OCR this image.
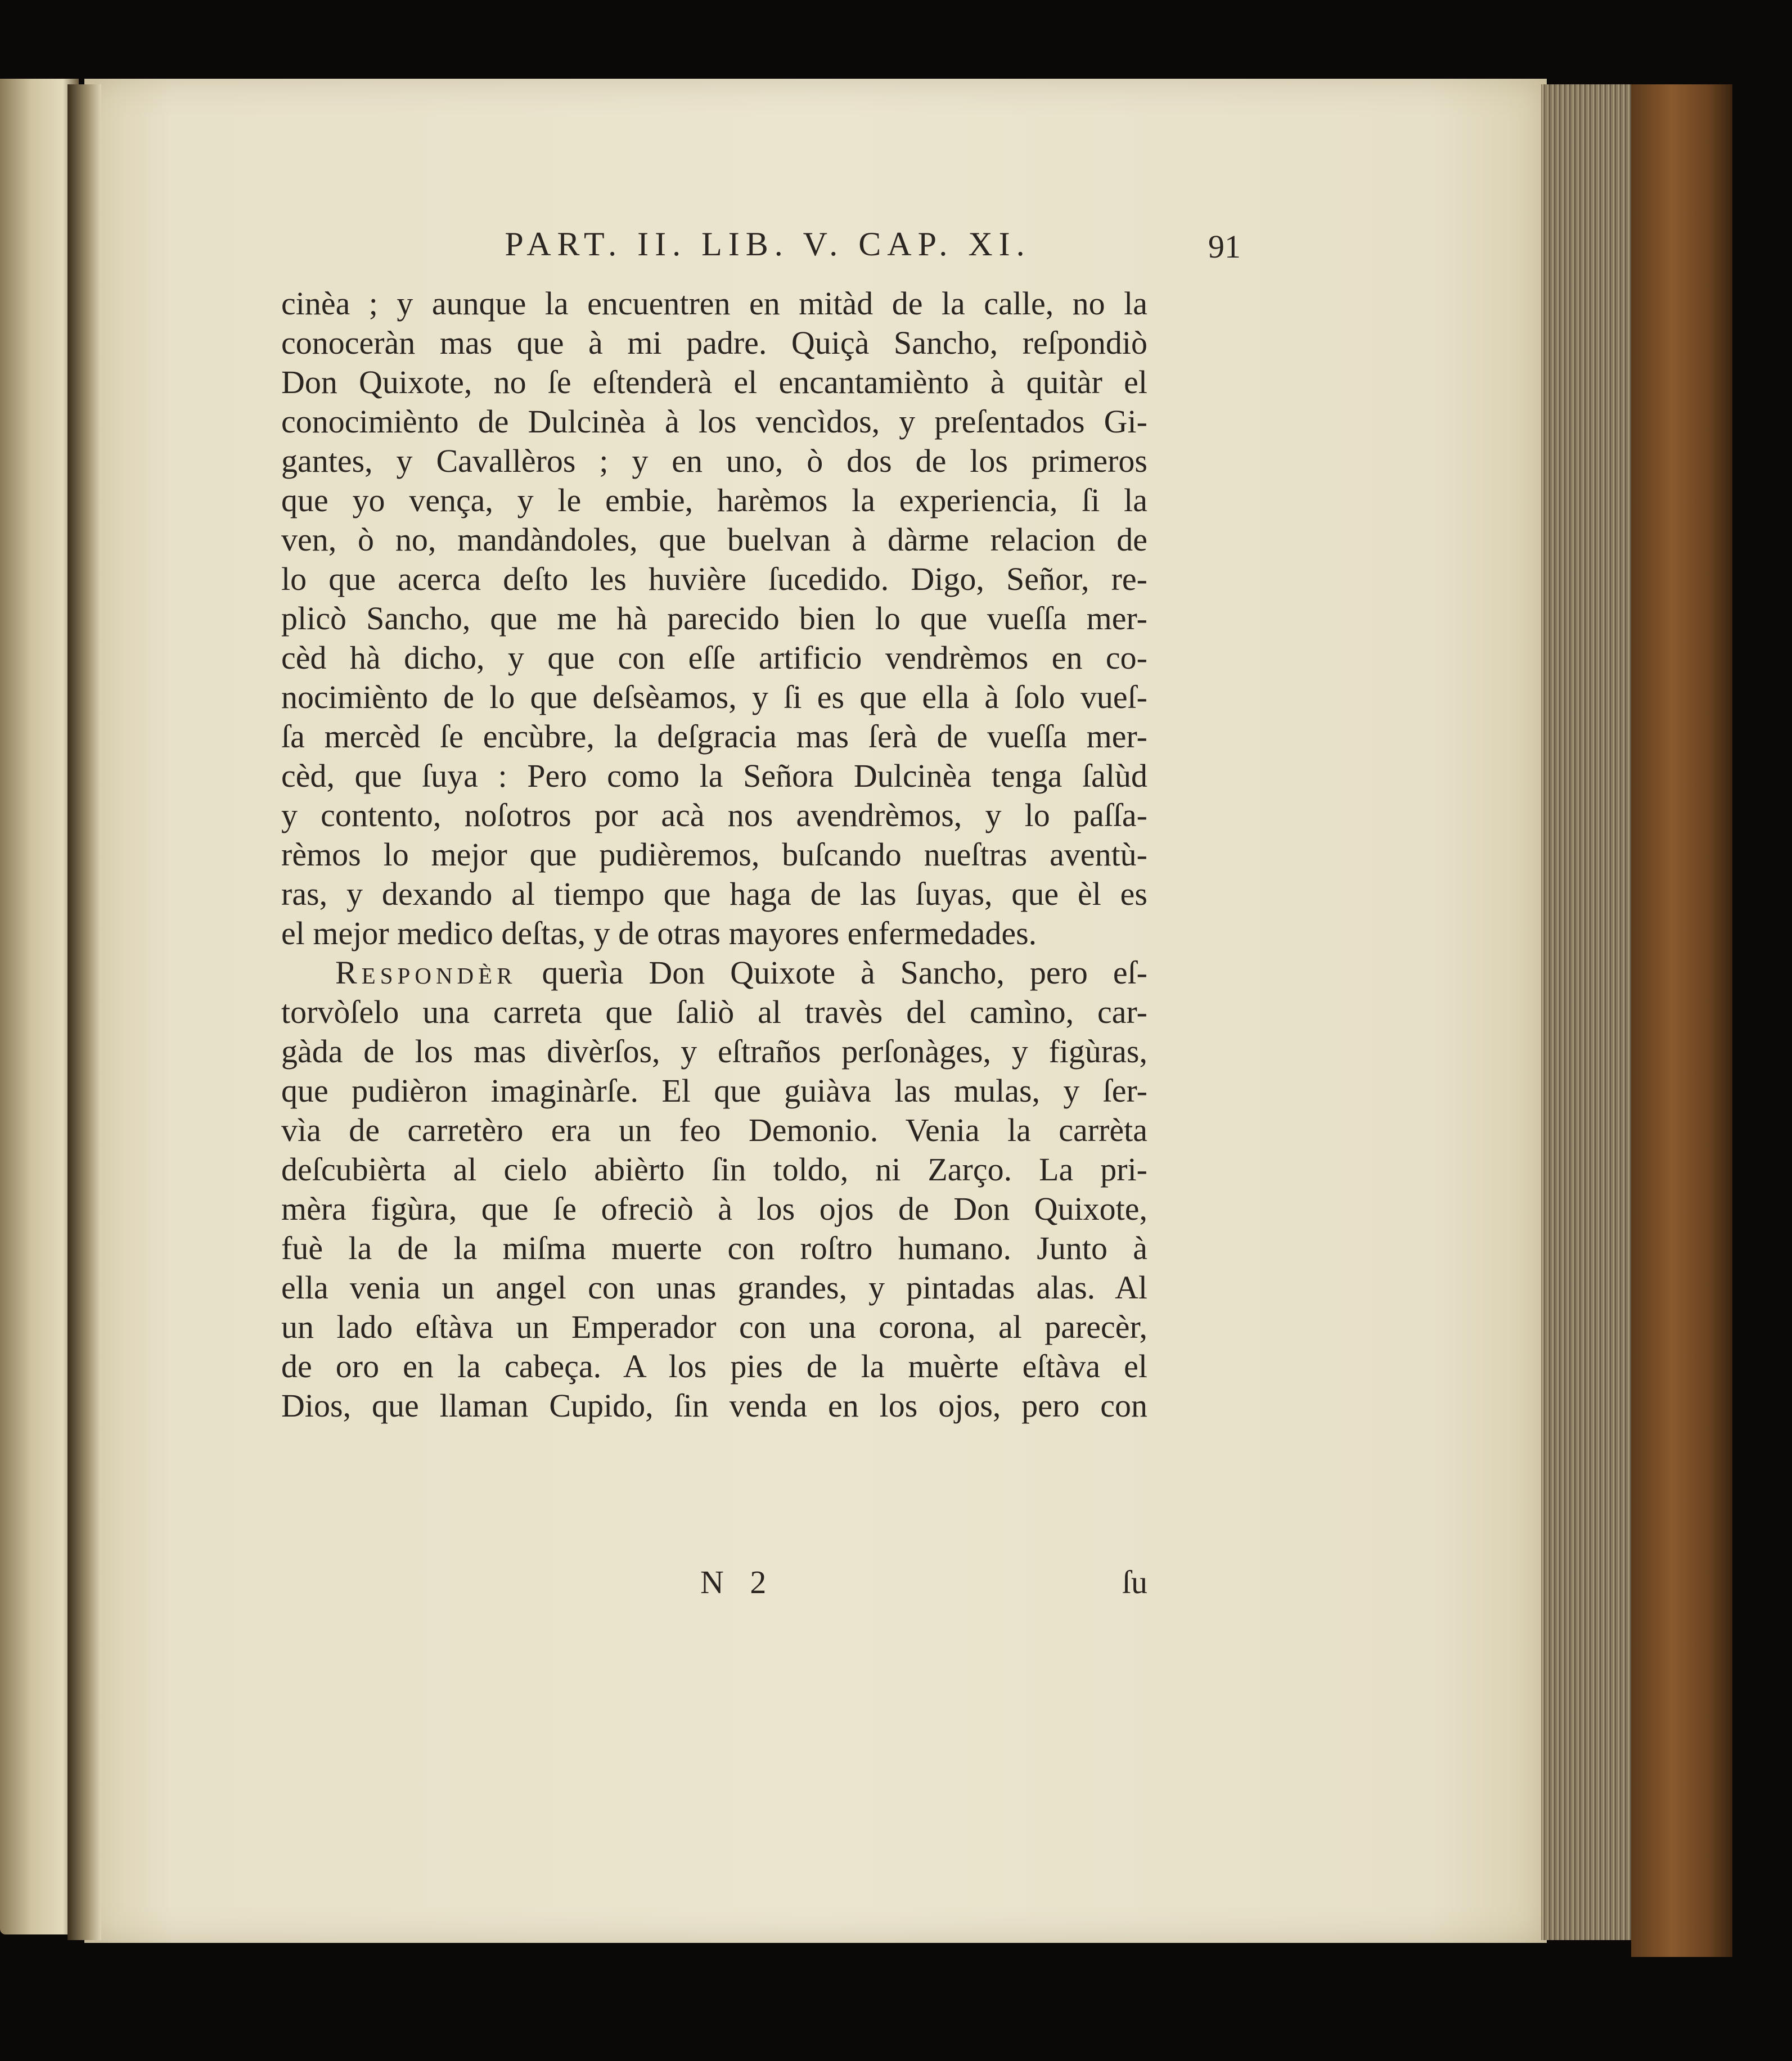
PART. II. LIB. V. CAP. XI.	91
cinèa ; y aunque la encuentren en mitàd de la calle, no la
conoceràn mas que à mi padre. Quiçà Sancho, reſpondiò
Don Quixote, no ſe eſtenderà el encantamiènto à quitàr el
conocimiènto de Dulcinèa à los vencìdos, y preſentados Gi-
gantes, y Cavallèros ; y en uno, ò dos de los primeros
que yo vença, y le embie, harèmos la experiencia, ſi la
ven, ò no, mandàndoles, que buelvan à dàrme relacion de
lo que acerca deſto les huvière ſucedido. Digo, Señor, re-
plicò Sancho, que me hà parecido bien lo que vueſſa mer-
cèd hà dicho, y que con eſſe artificio vendrèmos en co-
nocimiènto de lo que deſsèamos, y ſi es que ella à ſolo vueſ-
ſa mercèd ſe encùbre, la deſgracia mas ſerà de vueſſa mer-
cèd, que ſuya : Pero como la Señora Dulcinèa tenga ſalùd
y contento, noſotros por acà nos avendrèmos, y lo paſſa-
rèmos lo mejor que pudièremos, buſcando nueſtras aventù-
ras, y dexando al tiempo que haga de las ſuyas, que èl es
el mejor medico deſtas, y de otras mayores enfermedades.
Respondèr querìa Don Quixote à Sancho, pero eſ-
torvòſelo una carreta que ſaliò al travès del camìno, car-
gàda de los mas divèrſos, y eſtraños perſonàges, y figùras,
que pudièron imaginàrſe. El que guiàva las mulas, y ſer-
vìa de carretèro era un feo Demonio. Venia la carrèta
deſcubièrta al cielo abièrto ſin toldo, ni Zarço. La pri-
mèra figùra, que ſe ofreciò à los ojos de Don Quixote,
fuè la de la miſma muerte con roſtro humano. Junto à
ella venia un angel con unas grandes, y pintadas alas. Al
un lado eſtàva un Emperador con una corona, al parecèr,
de oro en la cabeça. A los pies de la muèrte eſtàva el
Dios, que llaman Cupido, ſin venda en los ojos, pero con
N 2	ſu
